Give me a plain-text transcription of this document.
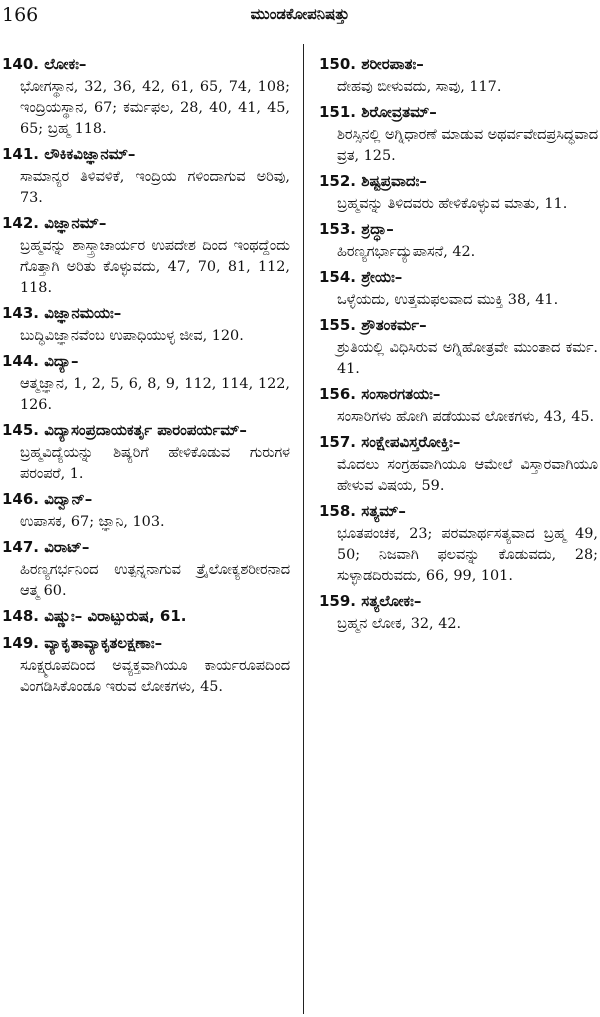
166	ಮುಂಡಕೋಪನಿಷತ್ತು
140. ಲೋಕಃ–
ಭೋಗಸ್ಥಾನ, 32, 36, 42, 61, 65, 74, 108; ಇಂದ್ರಿಯಸ್ಥಾನ, 67; ಕರ್ಮಫಲ, 28, 40, 41, 45, 65; ಬ್ರಹ್ಮ 118.
141. ಲೌಕಿಕವಿಜ್ಞಾನಮ್–
ಸಾಮಾನ್ಯರ ತಿಳಿವಳಿಕೆ, ಇಂದ್ರಿಯ ಗಳಿಂದಾಗುವ ಅರಿವು, 73.
142. ವಿಜ್ಞಾನಮ್–
ಬ್ರಹ್ಮವನ್ನು ಶಾಸ್ತ್ರಾಚಾರ್ಯರ ಉಪದೇಶ ದಿಂದ ಇಂಥದ್ದೆಂದು ಗೊತ್ತಾಗಿ ಅರಿತು ಕೊಳ್ಳುವದು, 47, 70, 81, 112, 118.
143. ವಿಜ್ಞಾನಮಯಃ–
ಬುದ್ಧಿವಿಜ್ಞಾನವೆಂಬ ಉಪಾಧಿಯುಳ್ಳ ಜೀವ, 120.
144. ವಿದ್ಯಾ–
ಆತ್ಮಜ್ಞಾನ, 1, 2, 5, 6, 8, 9, 112, 114, 122, 126.
145. ವಿದ್ಯಾಸಂಪ್ರದಾಯಕರ್ತೃ ಪಾರಂಪರ್ಯಮ್–
ಬ್ರಹ್ಮವಿದ್ಯೆಯನ್ನು ಶಿಷ್ಯರಿಗೆ ಹೇಳಿಕೊಡುವ ಗುರುಗಳ ಪರಂಪರೆ, 1.
146. ವಿದ್ವಾನ್–
ಉಪಾಸಕ, 67; ಜ್ಞಾನಿ, 103.
147. ವಿರಾಟ್–
ಹಿರಣ್ಯಗರ್ಭನಿಂದ ಉತ್ಪನ್ನನಾಗುವ ತ್ರೈಲೋಕ್ಯಶರೀರನಾದ ಆತ್ಮ 60.
148. ವಿಷ್ಣುಃ– ವಿರಾಟ್ಪುರುಷ, 61.
149. ವ್ಯಾಕೃತಾವ್ಯಾಕೃತಲಕ್ಷಣಾಃ–
ಸೂಕ್ಷ್ಮರೂಪದಿಂದ ಅವ್ಯಕ್ತವಾಗಿಯೂ ಕಾರ್ಯರೂಪದಿಂದ ವಿಂಗಡಿಸಿಕೊಂಡೂ ಇರುವ ಲೋಕಗಳು, 45.
150. ಶರೀರಪಾತಃ–
ದೇಹವು ಬೀಳುವದು, ಸಾವು, 117.
151. ಶಿರೋವ್ರತಮ್–
ಶಿರಸ್ಸಿನಲ್ಲಿ ಅಗ್ನಿಧಾರಣೆ ಮಾಡುವ ಅಥರ್ವವೇದಪ್ರಸಿದ್ಧವಾದ ವ್ರತ, 125.
152. ಶಿಷ್ಟಪ್ರವಾದಃ–
ಬ್ರಹ್ಮವನ್ನು ತಿಳಿದವರು ಹೇಳಿಕೊಳ್ಳುವ ಮಾತು, 11.
153. ಶ್ರದ್ಧಾ–
ಹಿರಣ್ಯಗರ್ಭಾದ್ಯುಪಾಸನೆ, 42.
154. ಶ್ರೇಯಃ–
ಒಳ್ಳೆಯದು, ಉತ್ತಮಫಲವಾದ ಮುಕ್ತಿ 38, 41.
155. ಶ್ರೌತಂಕರ್ಮ–
ಶ್ರುತಿಯಲ್ಲಿ ವಿಧಿಸಿರುವ ಅಗ್ನಿಹೋತ್ರವೇ ಮುಂತಾದ ಕರ್ಮ. 41.
156. ಸಂಸಾರಗತಯಃ–
ಸಂಸಾರಿಗಳು ಹೋಗಿ ಪಡೆಯುವ ಲೋಕಗಳು, 43, 45.
157. ಸಂಕ್ಷೇಪವಿಸ್ತರೋಕ್ತಿಃ–
ಮೊದಲು ಸಂಗ್ರಹವಾಗಿಯೂ ಆಮೇಲೆ ವಿಸ್ತಾರವಾಗಿಯೂ ಹೇಳುವ ವಿಷಯ, 59.
158. ಸತ್ಯಮ್–
ಭೂತಪಂಚಕ, 23; ಪರಮಾರ್ಥಸತ್ಯವಾದ ಬ್ರಹ್ಮ 49, 50; ನಿಜವಾಗಿ ಫಲವನ್ನು ಕೊಡುವದು, 28; ಸುಳ್ಳಾಡದಿರುವದು, 66, 99, 101.
159. ಸತ್ಯಲೋಕಃ–
ಬ್ರಹ್ಮನ ಲೋಕ, 32, 42.
